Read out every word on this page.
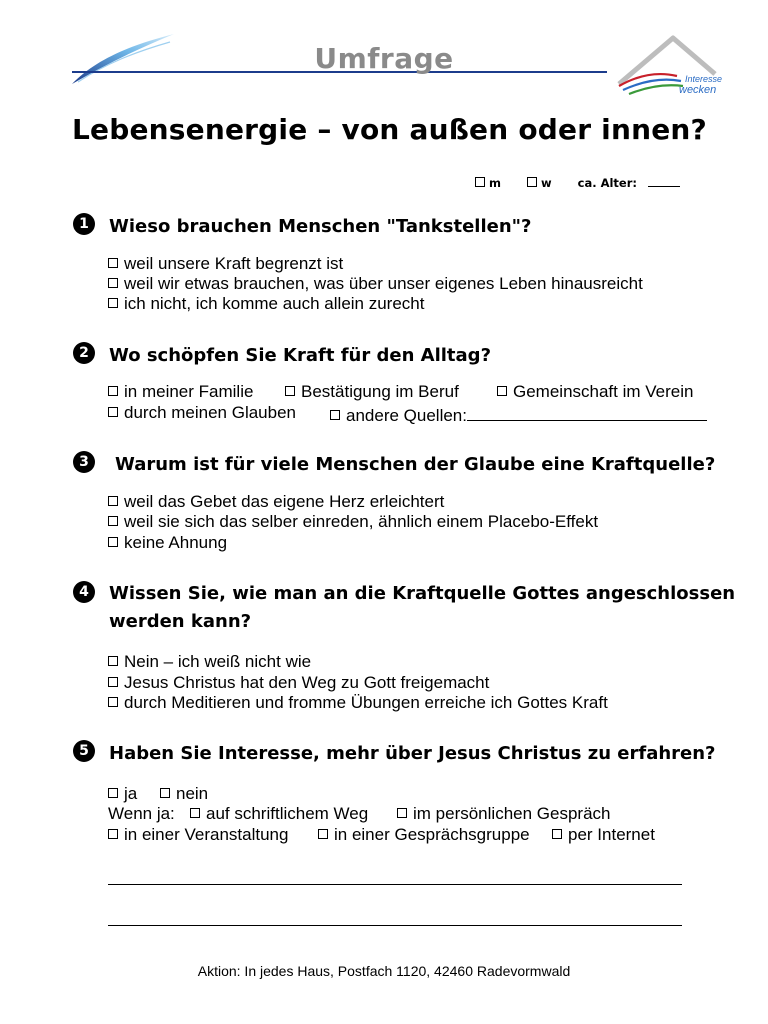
Umfrage
Interesse
wecken
Lebensenergie – von außen oder innen?
m	w ca. Alter:
1	Wieso brauchen Menschen "Tankstellen"?
weil unsere Kraft begrenzt ist
weil wir etwas brauchen, was über unser eigenes Leben hinausreicht
ich nicht, ich komme auch allein zurecht
2	Wo schöpfen Sie Kraft für den Alltag?
in meiner Familie	Bestätigung im Beruf	Gemeinschaft im Verein
durch meinen Glauben	andere Quellen:
3	Warum ist für viele Menschen der Glaube eine Kraftquelle?
weil das Gebet das eigene Herz erleichtert
weil sie sich das selber einreden, ähnlich einem Placebo-Effekt
keine Ahnung
4	Wissen Sie, wie man an die Kraftquelle Gottes angeschlossen
werden kann?
Nein – ich weiß nicht wie
Jesus Christus hat den Weg zu Gott freigemacht
durch Meditieren und fromme Übungen erreiche ich Gottes Kraft
5	Haben Sie Interesse, mehr über Jesus Christus zu erfahren?
ja	nein
Wenn ja:	auf schriftlichem Weg	im persönlichen Gespräch
in einer Veranstaltung	in einer Gesprächsgruppe	per Internet
Aktion: In jedes Haus, Postfach 1120, 42460 Radevormwald
